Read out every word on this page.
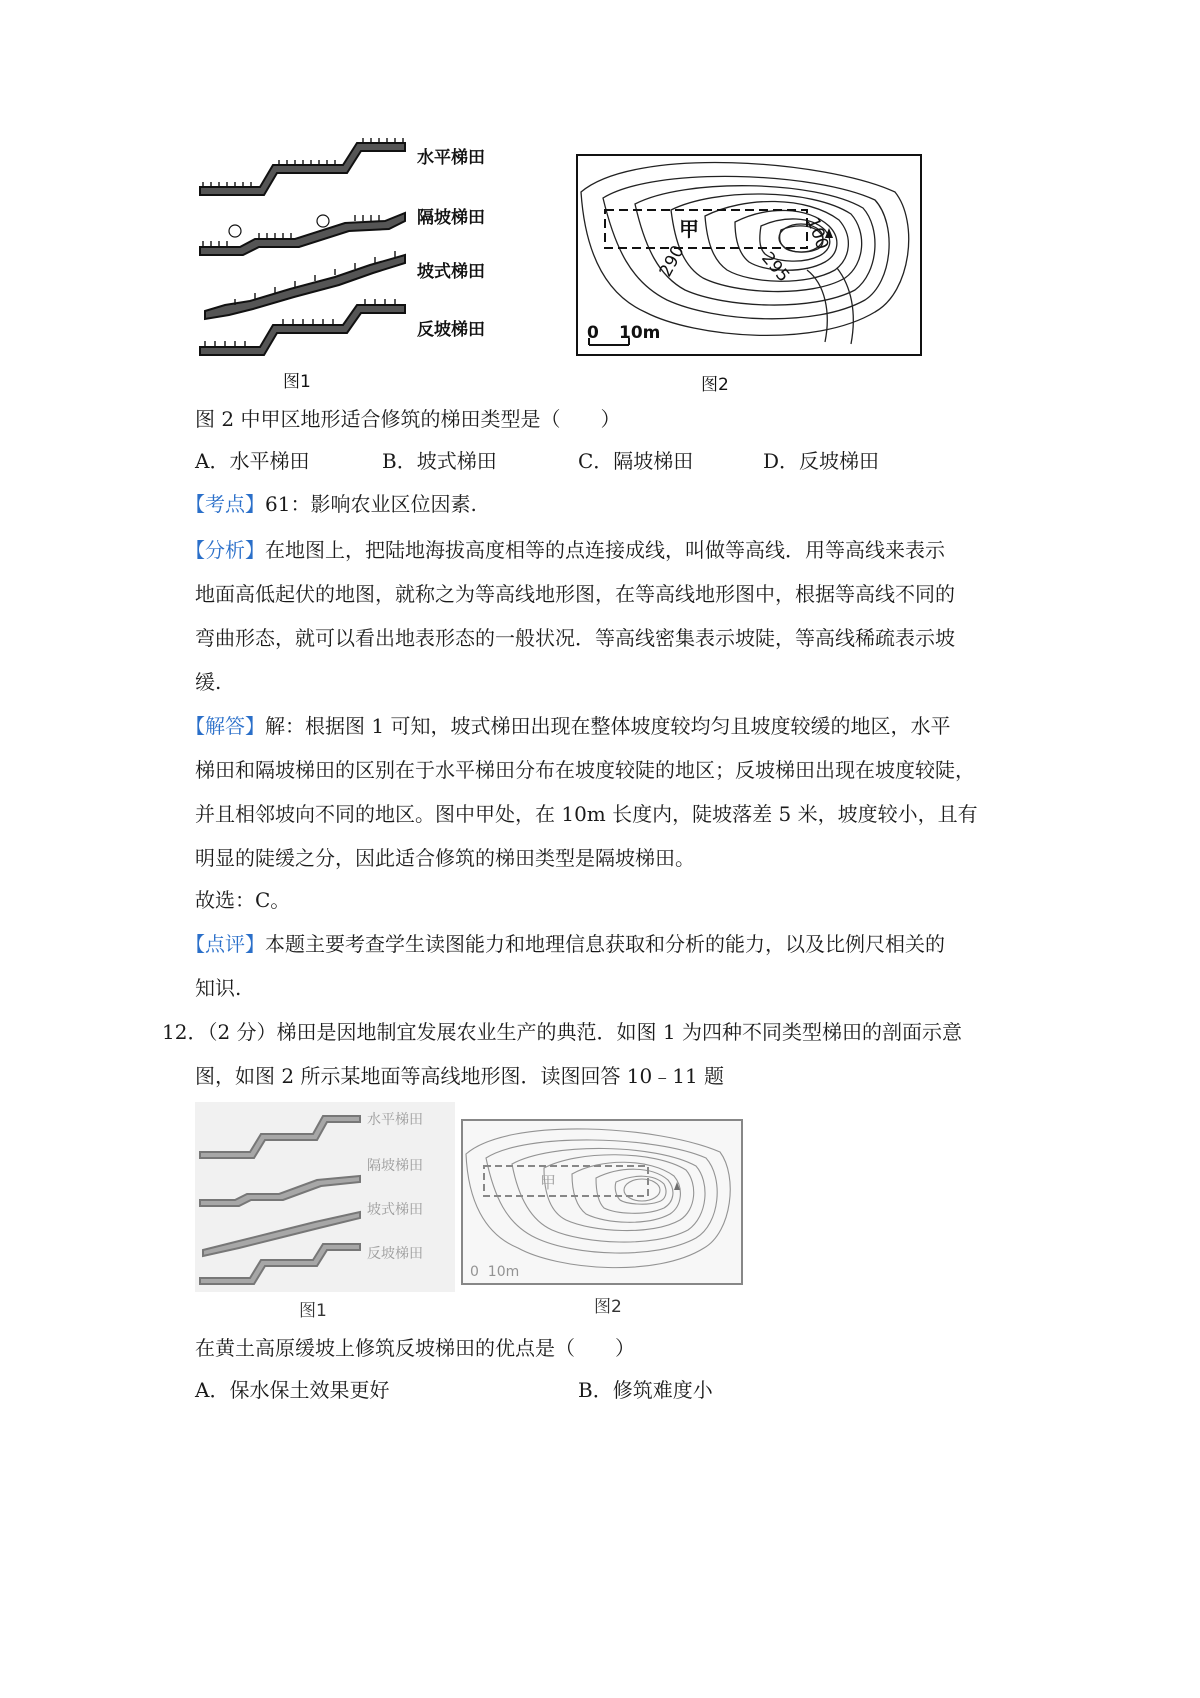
水平梯田
隔坡梯田
坡式梯田
反坡梯田
图1
甲
290	295
100
0 10m
图2
图 2 中甲区地形适合修筑的梯田类型是（　　）
A．水平梯田	B．坡式梯田	C．隔坡梯田	D．反坡梯田
【考点】61：影响农业区位因素.
【分析】在地图上，把陆地海拔高度相等的点连接成线，叫做等高线．用等高线来表示
地面高低起伏的地图，就称之为等高线地形图，在等高线地形图中，根据等高线不同的
弯曲形态，就可以看出地表形态的一般状况．等高线密集表示坡陡，等高线稀疏表示坡
缓.
【解答】解：根据图 1 可知，坡式梯田出现在整体坡度较均匀且坡度较缓的地区，水平
梯田和隔坡梯田的区别在于水平梯田分布在坡度较陡的地区；反坡梯田出现在坡度较陡，
并且相邻坡向不同的地区。图中甲处，在 10m 长度内，陡坡落差 5 米，坡度较小，且有
明显的陡缓之分，因此适合修筑的梯田类型是隔坡梯田。
故选：C。
【点评】本题主要考查学生读图能力和地理信息获取和分析的能力，以及比例尺相关的
知识.
12．（2 分）梯田是因地制宜发展农业生产的典范．如图 1 为四种不同类型梯田的剖面示意
图，如图 2 所示某地面等高线地形图．读图回答 10﹣11 题
水平梯田
隔坡梯田
坡式梯田
反坡梯田
图1
甲
0  10m
图2
在黄土高原缓坡上修筑反坡梯田的优点是（　　）
A．保水保土效果更好	B．修筑难度小
